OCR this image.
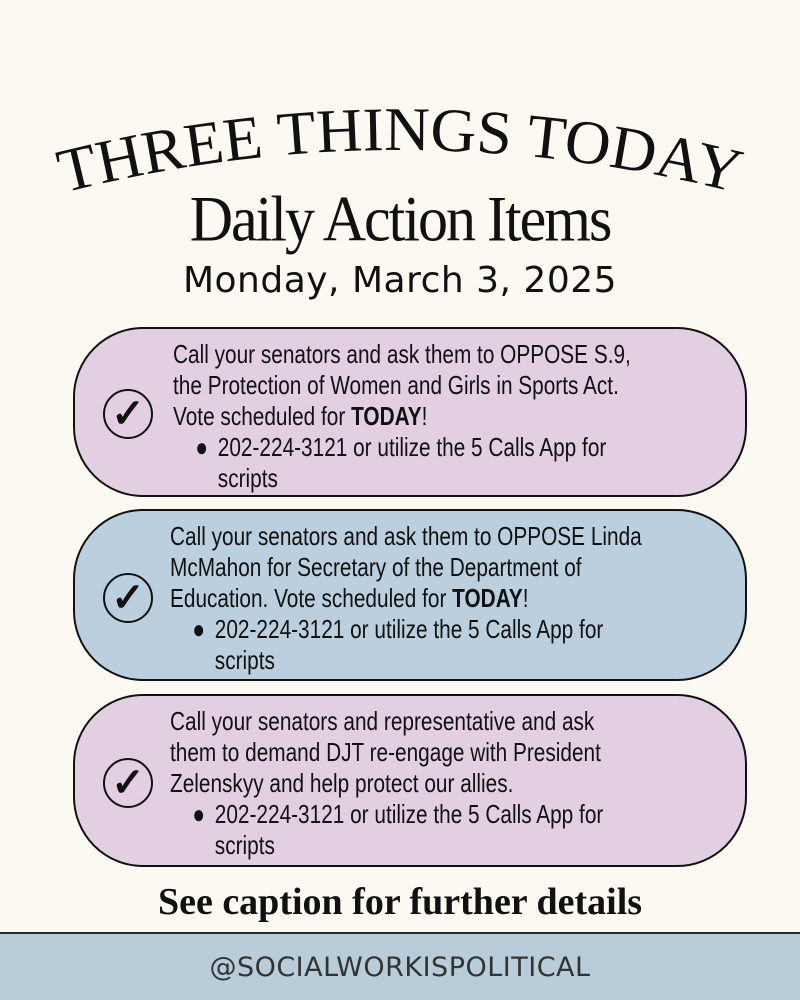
THREE THINGS TODAY
Daily Action Items
Monday, March 3, 2025
✓
Call your senators and ask them to OPPOSE S.9,
the Protection of Women and Girls in Sports Act.
Vote scheduled for TODAY!
● 202-224-3121 or utilize the 5 Calls App for
scripts
✓
Call your senators and ask them to OPPOSE Linda
McMahon for Secretary of the Department of
Education. Vote scheduled for TODAY!
● 202-224-3121 or utilize the 5 Calls App for
scripts
✓
Call your senators and representative and ask
them to demand DJT re-engage with President
Zelenskyy and help protect our allies.
● 202-224-3121 or utilize the 5 Calls App for
scripts
See caption for further details
@SOCIALWORKISPOLITICAL
